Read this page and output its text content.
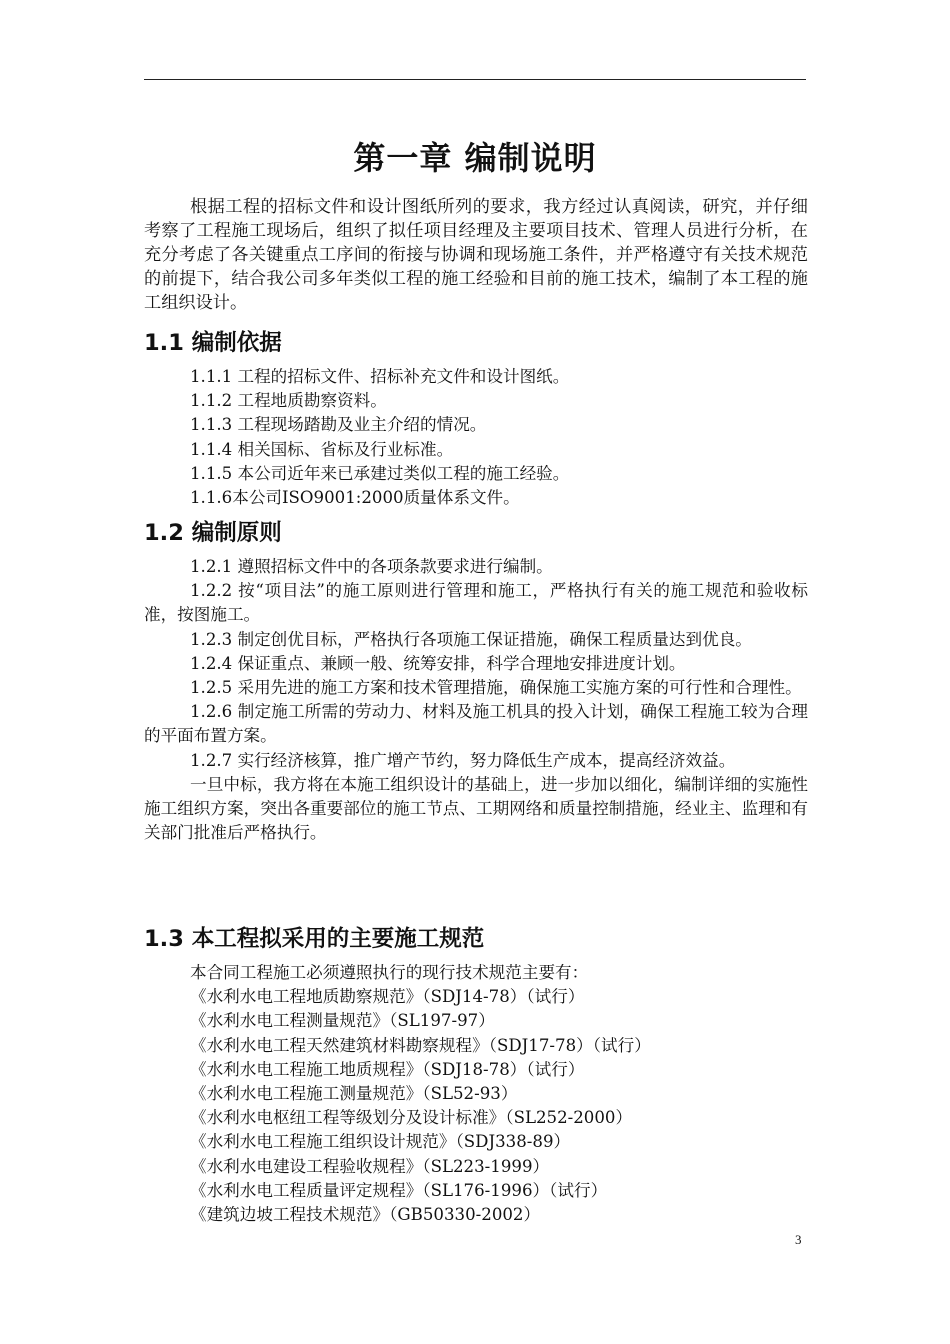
第一章 编制说明

根据工程的招标文件和设计图纸所列的要求，我方经过认真阅读，研究，并仔细考察了工程施工现场后，组织了拟任项目经理及主要项目技术、管理人员进行分析，在充分考虑了各关键重点工序间的衔接与协调和现场施工条件，并严格遵守有关技术规范的前提下，结合我公司多年类似工程的施工经验和目前的施工技术，编制了本工程的施工组织设计。

1.1 编制依据
1.1.1 工程的招标文件、招标补充文件和设计图纸。
1.1.2 工程地质勘察资料。
1.1.3 工程现场踏勘及业主介绍的情况。
1.1.4 相关国标、省标及行业标准。
1.1.5 本公司近年来已承建过类似工程的施工经验。
1.1.6本公司ISO9001:2000质量体系文件。
1.2 编制原则
1.2.1 遵照招标文件中的各项条款要求进行编制。
1.2.2 按“项目法”的施工原则进行管理和施工，严格执行有关的施工规范和验收标准，按图施工。
1.2.3 制定创优目标，严格执行各项施工保证措施，确保工程质量达到优良。
1.2.4 保证重点、兼顾一般、统筹安排，科学合理地安排进度计划。
1.2.5 采用先进的施工方案和技术管理措施，确保施工实施方案的可行性和合理性。
1.2.6 制定施工所需的劳动力、材料及施工机具的投入计划，确保工程施工较为合理的平面布置方案。
1.2.7 实行经济核算，推广增产节约，努力降低生产成本，提高经济效益。
一旦中标，我方将在本施工组织设计的基础上，进一步加以细化，编制详细的实施性施工组织方案，突出各重要部位的施工节点、工期网络和质量控制措施，经业主、监理和有关部门批准后严格执行。
1.3 本工程拟采用的主要施工规范
本合同工程施工必须遵照执行的现行技术规范主要有：
《水利水电工程地质勘察规范》（SDJ14-78）（试行）
《水利水电工程测量规范》（SL197-97）
《水利水电工程天然建筑材料勘察规程》（SDJ17-78）（试行）
《水利水电工程施工地质规程》（SDJ18-78）（试行）
《水利水电工程施工测量规范》（SL52-93）
《水利水电枢纽工程等级划分及设计标准》（SL252-2000）
《水利水电工程施工组织设计规范》（SDJ338-89）
《水利水电建设工程验收规程》（SL223-1999）
《水利水电工程质量评定规程》（SL176-1996）（试行）
《建筑边坡工程技术规范》（GB50330-2002）
3
